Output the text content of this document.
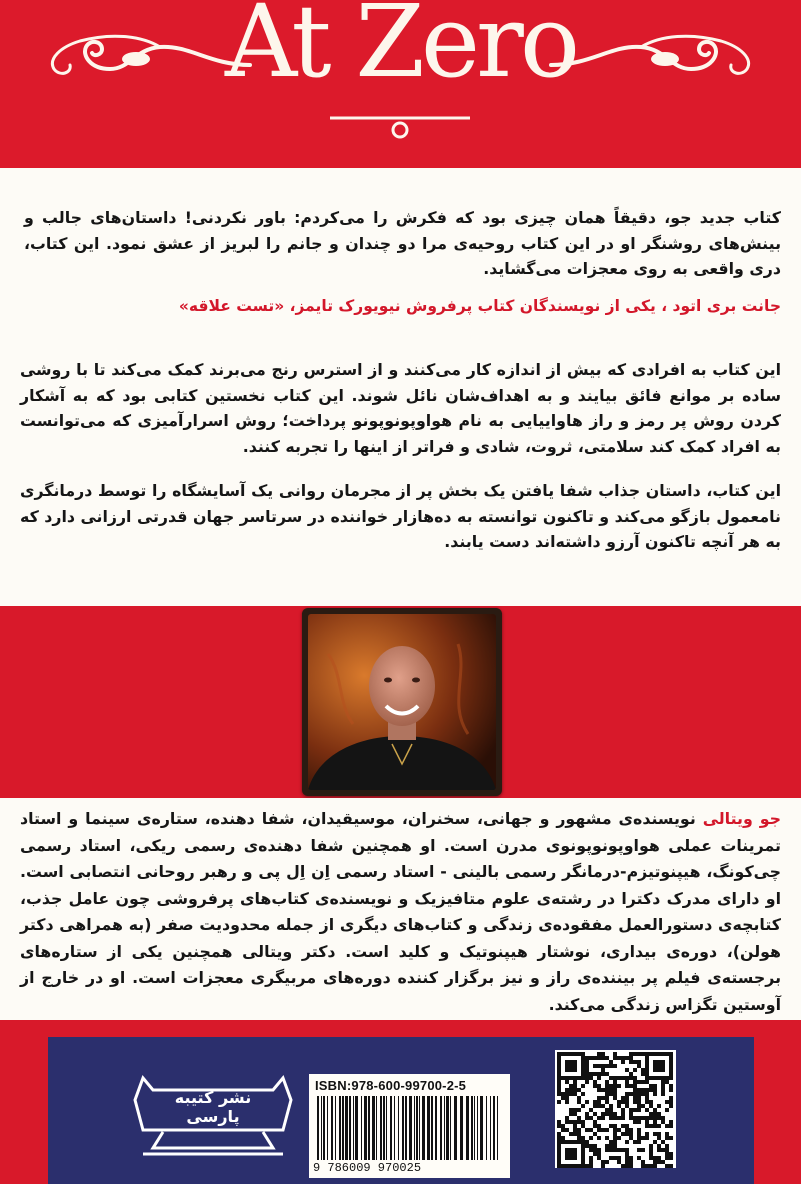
At Zero
کتاب جدید جو، دقیقاً همان چیزی بود که فکرش را می‌کردم: باور نکردنی! داستان‌های جالب و بینش‌های روشنگر او در این کتاب روحیه‌ی مرا دو چندان و جانم را لبریز از عشق نمود. این کتاب، دری واقعی به روی معجزات می‌گشاید.
جانت بری اتود ، یکی از نویسندگان کتاب پرفروش نیویورک تایمز، «تست علاقه»
این کتاب به افرادی که بیش از اندازه کار می‌کنند و از استرس رنج می‌برند کمک می‌کند تا با روشی ساده بر موانع فائق بیایند و به اهداف‌شان نائل شوند. این کتاب نخستین کتابی بود که به آشکار کردن روش پر رمز و راز هاواییایی به نام هواوپونوپونو پرداخت؛ روش اسرارآمیزی که می‌توانست به افراد کمک کند سلامتی، ثروت، شادی و فراتر از اینها را تجربه کنند.
این کتاب، داستان جذاب شفا یافتن یک بخش پر از مجرمان روانی یک آسایشگاه را توسط درمانگری نامعمول بازگو می‌کند و تاکنون توانسته به ده‌هازار خواننده در سرتاسر جهان قدرتی ارزانی دارد که به هر آنچه تاکنون آرزو داشته‌اند دست یابند.
جو ویتالی نویسنده‌ی مشهور و جهانی، سخنران، موسیقیدان، شفا دهنده، ستاره‌ی سینما و استاد تمرینات عملی هواوپونوپونوی مدرن است. او همچنین شفا دهنده‌ی رسمی ریکی، استاد رسمی چی‌کونگ، هیپنوتیزم-درمانگر رسمی بالینی - استاد رسمی اِن اِل پی و رهبر روحانی انتصابی است. او دارای مدرک دکترا در رشته‌ی علوم متافیزیک و نویسنده‌ی کتاب‌های پرفروشی چون عامل جذب، کتابچه‌ی دستورالعمل مفقوده‌ی زندگی و کتاب‌های دیگری از جمله محدودیت صفر (به همراهی دکتر هولن)، دوره‌ی بیداری، نوشتار هیپنوتیک و کلید است. دکتر ویتالی همچنین یکی از ستاره‌های برجسته‌ی فیلم پر بیننده‌ی راز و نیز برگزار کننده دوره‌های مربیگری معجزات است. او در خارج از آوستین تگزاس زندگی می‌کند.
نشر کتیبه پارسی
ISBN:978-600-99700-2-5
9 786009 970025
